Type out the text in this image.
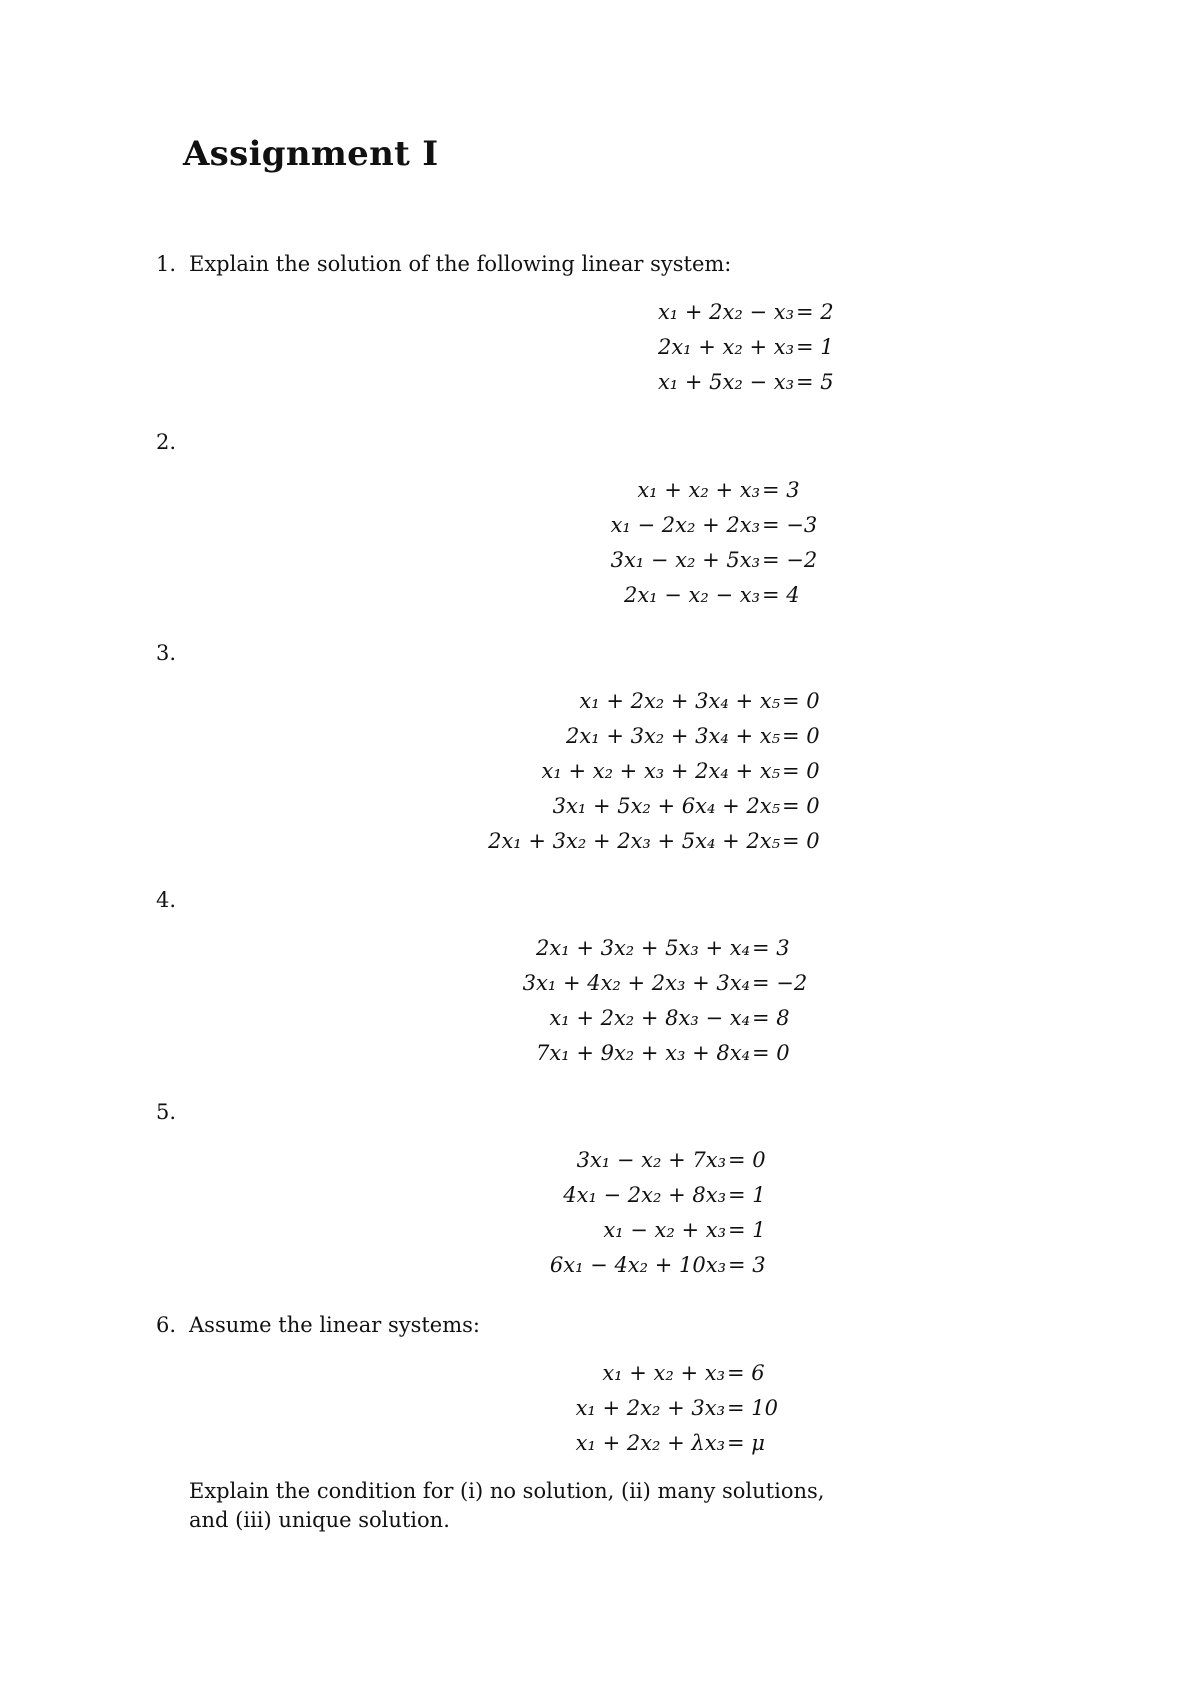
Assignment I
1. Explain the solution of the following linear system:
x₁ + 2x₂ − x₃ = 2
2x₁ + x₂ + x₃ = 1
x₁ + 5x₂ − x₃ = 5
2.
x₁ + x₂ + x₃ = 3
x₁ − 2x₂ + 2x₃ = −3
3x₁ − x₂ + 5x₃ = −2
2x₁ − x₂ − x₃ = 4
3.
x₁ + 2x₂ + 3x₄ + x₅ = 0
2x₁ + 3x₂ + 3x₄ + x₅ = 0
x₁ + x₂ + x₃ + 2x₄ + x₅ = 0
3x₁ + 5x₂ + 6x₄ + 2x₅ = 0
2x₁ + 3x₂ + 2x₃ + 5x₄ + 2x₅ = 0
4.
2x₁ + 3x₂ + 5x₃ + x₄ = 3
3x₁ + 4x₂ + 2x₃ + 3x₄ = −2
x₁ + 2x₂ + 8x₃ − x₄ = 8
7x₁ + 9x₂ + x₃ + 8x₄ = 0
5.
3x₁ − x₂ + 7x₃ = 0
4x₁ − 2x₂ + 8x₃ = 1
x₁ − x₂ + x₃ = 1
6x₁ − 4x₂ + 10x₃ = 3
6. Assume the linear systems:
x₁ + x₂ + x₃ = 6
x₁ + 2x₂ + 3x₃ = 10
x₁ + 2x₂ + λx₃ = μ
Explain the condition for (i) no solution, (ii) many solutions,
and (iii) unique solution.
